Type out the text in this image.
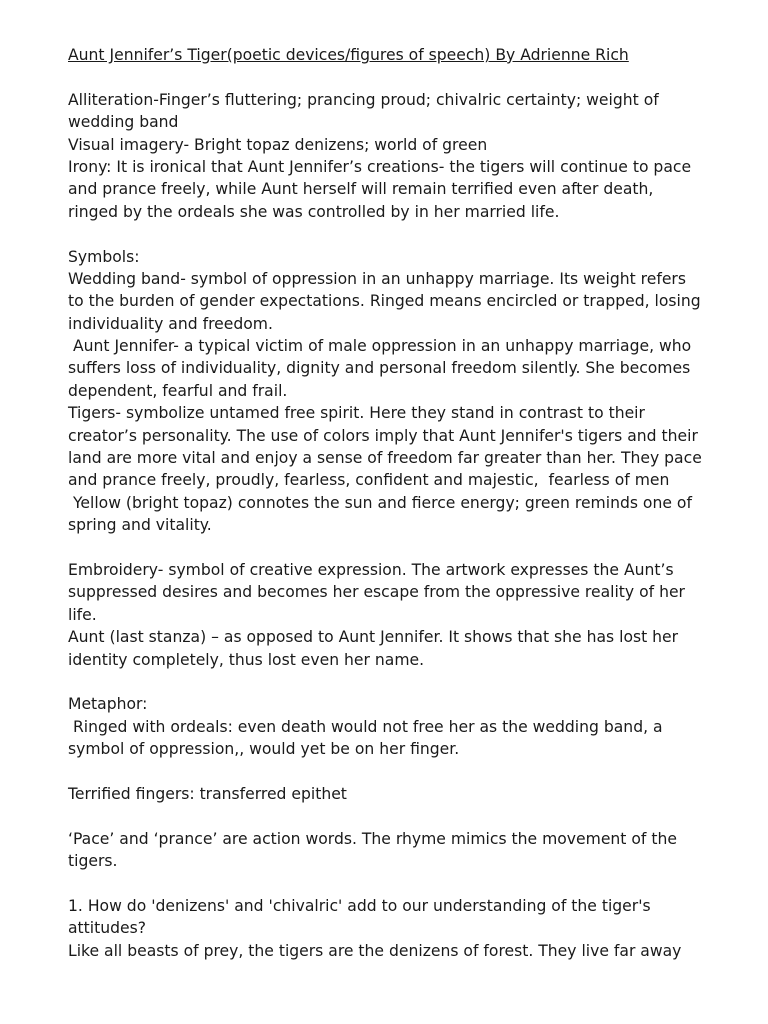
Aunt Jennifer’s Tiger(poetic devices/figures of speech) By Adrienne Rich
Alliteration-Finger’s fluttering; prancing proud; chivalric certainty; weight of
wedding band
Visual imagery- Bright topaz denizens; world of green
Irony: It is ironical that Aunt Jennifer’s creations- the tigers will continue to pace
and prance freely, while Aunt herself will remain terrified even after death,
ringed by the ordeals she was controlled by in her married life.
Symbols:
Wedding band- symbol of oppression in an unhappy marriage. Its weight refers
to the burden of gender expectations. Ringed means encircled or trapped, losing
individuality and freedom.
Aunt Jennifer- a typical victim of male oppression in an unhappy marriage, who
suffers loss of individuality, dignity and personal freedom silently. She becomes
dependent, fearful and frail.
Tigers- symbolize untamed free spirit. Here they stand in contrast to their
creator’s personality. The use of colors imply that Aunt Jennifer's tigers and their
land are more vital and enjoy a sense of freedom far greater than her. They pace
and prance freely, proudly, fearless, confident and majestic,  fearless of men
Yellow (bright topaz) connotes the sun and fierce energy; green reminds one of
spring and vitality.
Embroidery- symbol of creative expression. The artwork expresses the Aunt’s
suppressed desires and becomes her escape from the oppressive reality of her
life.
Aunt (last stanza) – as opposed to Aunt Jennifer. It shows that she has lost her
identity completely, thus lost even her name.
Metaphor:
Ringed with ordeals: even death would not free her as the wedding band, a
symbol of oppression,, would yet be on her finger.
Terrified fingers: transferred epithet
‘Pace’ and ‘prance’ are action words. The rhyme mimics the movement of the
tigers.
1. How do 'denizens' and 'chivalric' add to our understanding of the tiger's
attitudes?
Like all beasts of prey, the tigers are the denizens of forest. They live far away
